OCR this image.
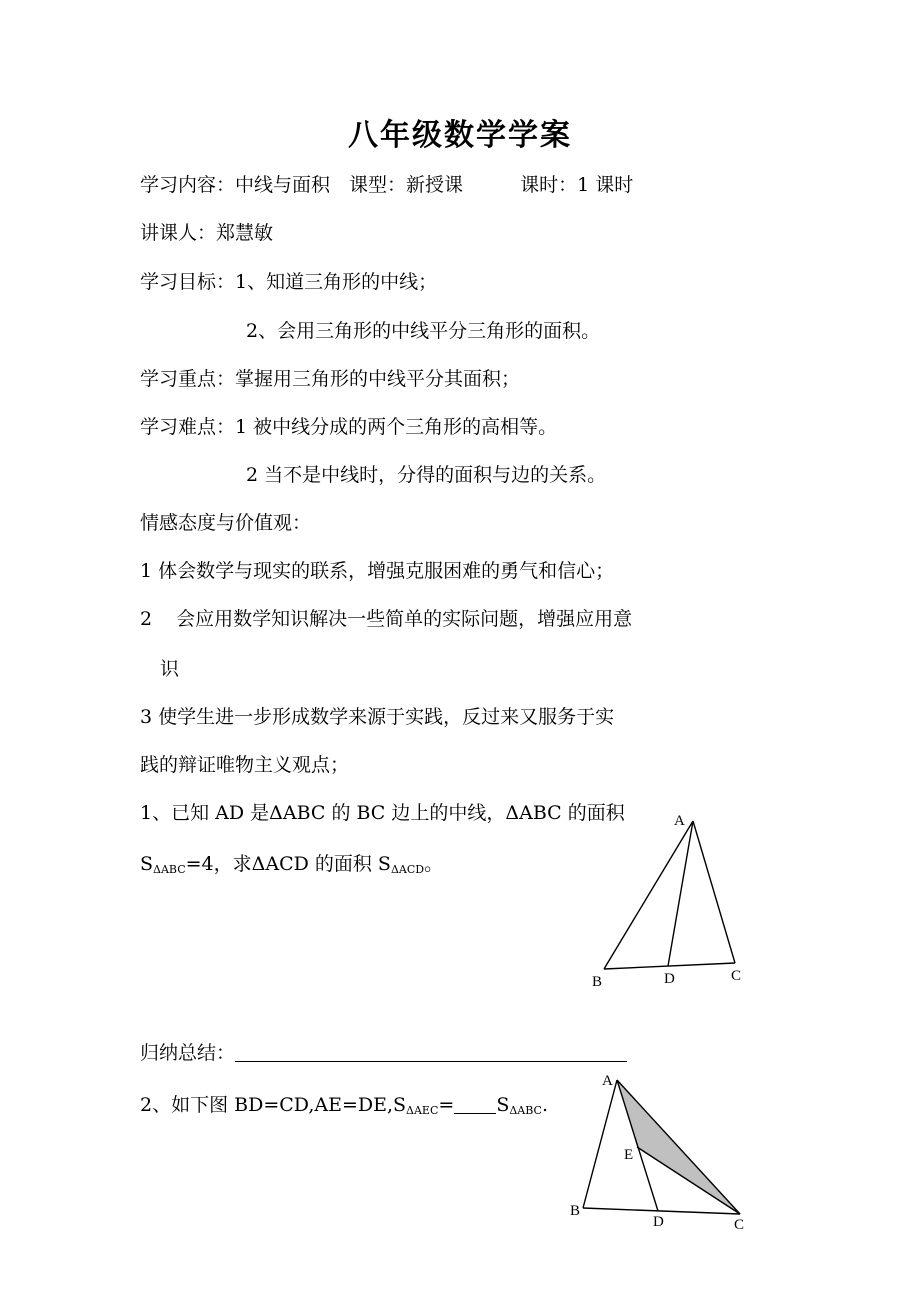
八年级数学学案
学习内容：中线与面积 课型：新授课	课时：1 课时
讲课人：郑慧敏
学习目标：1、知道三角形的中线；
2、会用三角形的中线平分三角形的面积。
学习重点：掌握用三角形的中线平分其面积；
学习难点：1 被中线分成的两个三角形的高相等。
2 当不是中线时，分得的面积与边的关系。
情感态度与价值观：
1 体会数学与现实的联系，增强克服困难的勇气和信心；
2 会应用数学知识解决一些简单的实际问题，增强应用意
识
3 使学生进一步形成数学来源于实践，反过来又服务于实
践的辩证唯物主义观点；
1、已知 AD 是ΔABC 的 BC 边上的中线，ΔABC 的面积
$S_{\Delta ABC}=4$，求ΔACD 的面积 $S_{\Delta ACD}$。
A
B	D	C
归纳总结：
2、如下图 $BD=CD,AE=DE,S_{\Delta AEC}= S_{\Delta ABC}$.
A
E
B
D	C
